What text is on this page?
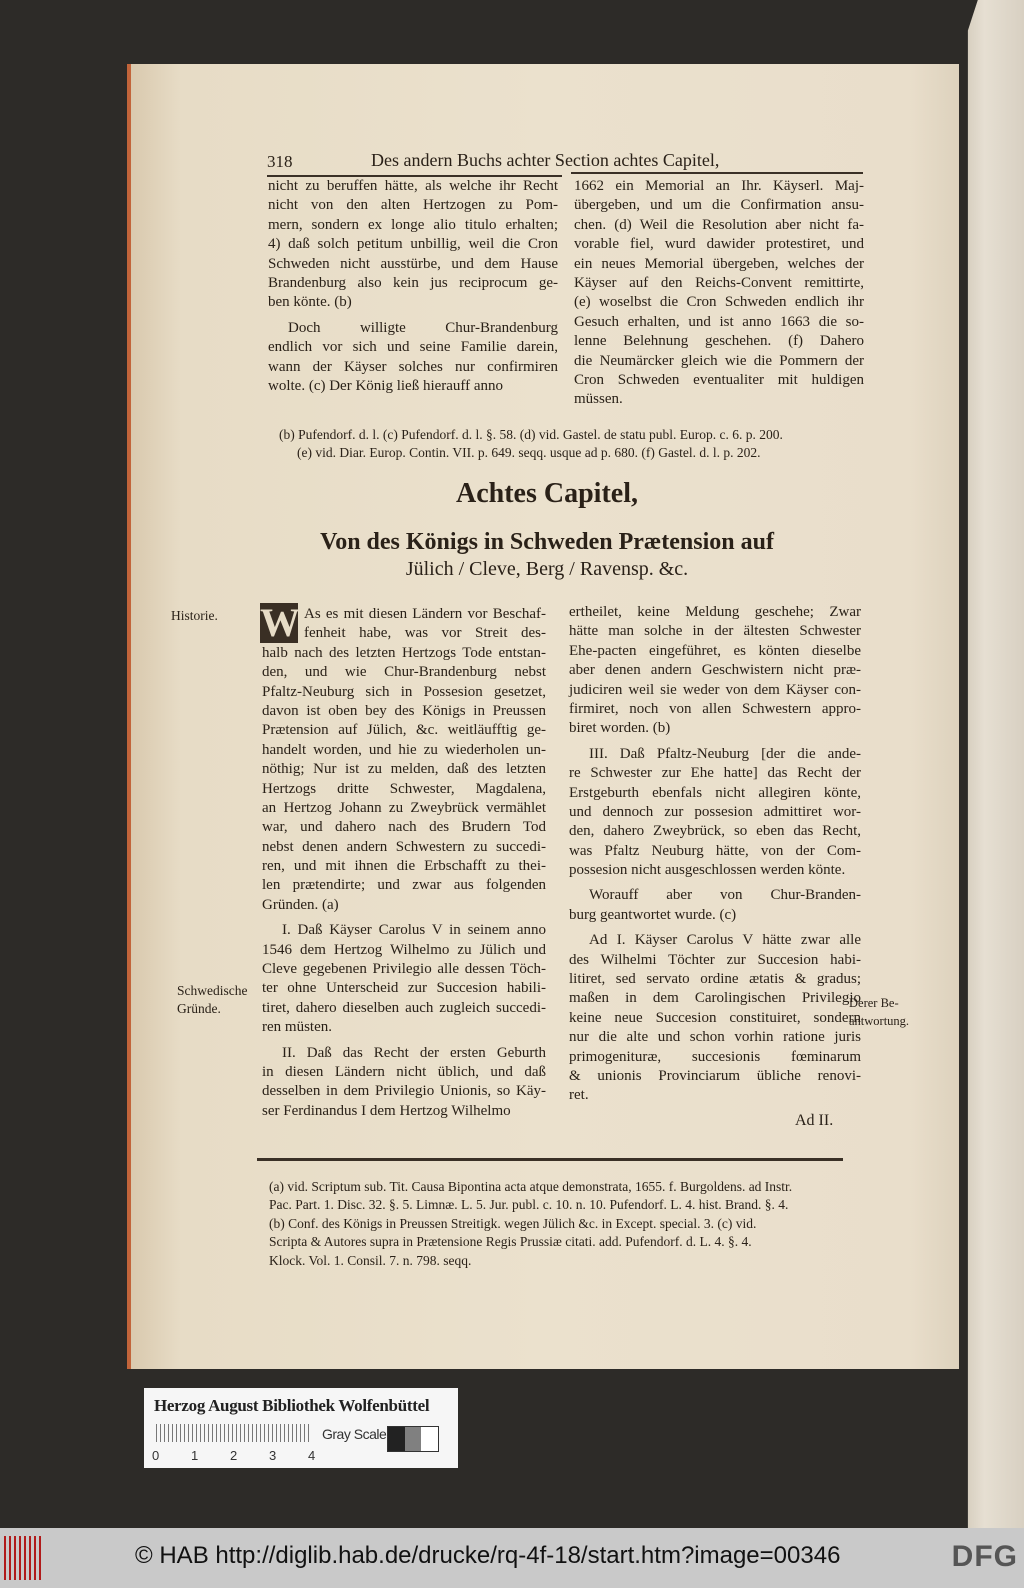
318	Des andern Buchs achter Section achtes Capitel,
nicht zu beruffen hätte, als welche ihr Recht
nicht von den alten Hertzogen zu Pom-
mern, sondern ex longe alio titulo erhalten;
4) daß solch petitum unbillig, weil die Cron
Schweden nicht ausstürbe, und dem Hause
Brandenburg also kein jus reciprocum ge-
ben könte. (b)
Doch willigte Chur-Brandenburg
endlich vor sich und seine Familie darein,
wann der Käyser solches nur confirmiren
wolte. (c) Der König ließ hierauff anno
1662 ein Memorial an Ihr. Käyserl. Maj-
übergeben, und um die Confirmation ansu-
chen. (d) Weil die Resolution aber nicht fa-
vorable fiel, wurd dawider protestiret, und
ein neues Memorial übergeben, welches der
Käyser auf den Reichs-Convent remittirte,
(e) woselbst die Cron Schweden endlich ihr
Gesuch erhalten, und ist anno 1663 die so-
lenne Belehnung geschehen. (f) Dahero
die Neumärcker gleich wie die Pommern der
Cron Schweden eventualiter mit huldigen
müssen.
(b) Pufendorf. d. l. (c) Pufendorf. d. l. §. 58. (d) vid. Gastel. de statu publ. Europ. c. 6. p. 200.
(e) vid. Diar. Europ. Contin. VII. p. 649. seqq. usque ad p. 680. (f) Gastel. d. l. p. 202.
Achtes Capitel,
Von des Königs in Schweden Prætension auf
Jülich / Cleve, Berg / Ravensp. &c.
W As es mit diesen Ländern vor Beschaf-
fenheit habe, was vor Streit des-
halb nach des letzten Hertzogs Tode entstan-
den, und wie Chur-Brandenburg nebst
Pfaltz-Neuburg sich in Possesion gesetzet,
davon ist oben bey des Königs in Preussen
Prætension auf Jülich, &c. weitläufftig ge-
handelt worden, und hie zu wiederholen un-
nöthig; Nur ist zu melden, daß des letzten
Hertzogs dritte Schwester, Magdalena,
an Hertzog Johann zu Zweybrück vermählet
war, und dahero nach des Brudern Tod
nebst denen andern Schwestern zu succedi-
ren, und mit ihnen die Erbschafft zu thei-
len prætendirte; und zwar aus folgenden
Gründen. (a)
I. Daß Käyser Carolus V in seinem anno
1546 dem Hertzog Wilhelmo zu Jülich und
Cleve gegebenen Privilegio alle dessen Töch-
ter ohne Unterscheid zur Succesion habili-
tiret, dahero dieselben auch zugleich succedi-
ren müsten.
II. Daß das Recht der ersten Geburth
in diesen Ländern nicht üblich, und daß
desselben in dem Privilegio Unionis, so Käy-
ser Ferdinandus I dem Hertzog Wilhelmo
ertheilet, keine Meldung geschehe; Zwar
hätte man solche in der ältesten Schwester
Ehe-pacten eingeführet, es könten dieselbe
aber denen andern Geschwistern nicht præ-
judiciren weil sie weder von dem Käyser con-
firmiret, noch von allen Schwestern appro-
biret worden. (b)
III. Daß Pfaltz-Neuburg [der die ande-
re Schwester zur Ehe hatte] das Recht der
Erstgeburth ebenfals nicht allegiren könte,
und dennoch zur possesion admittiret wor-
den, dahero Zweybrück, so eben das Recht,
was Pfaltz Neuburg hätte, von der Com-
possesion nicht ausgeschlossen werden könte.
Worauff aber von Chur-Branden-
burg geantwortet wurde. (c)
Ad I. Käyser Carolus V hätte zwar alle
des Wilhelmi Töchter zur Succesion habi-
litiret, sed servato ordine ætatis & gradus;
maßen in dem Carolingischen Privilegio
keine neue Succesion constituiret, sondern
nur die alte und schon vorhin ratione juris
primogenituræ, succesionis fœminarum
& unionis Provinciarum übliche renovi-
ret.
Historie.
Schwedische
Gründe.	Derer Be-
antwortung.
Ad II.
(a) vid. Scriptum sub. Tit. Causa Bipontina acta atque demonstrata, 1655. f. Burgoldens. ad Instr.
Pac. Part. 1. Disc. 32. §. 5. Limnæ. L. 5. Jur. publ. c. 10. n. 10. Pufendorf. L. 4. hist. Brand. §. 4.
(b) Conf. des Königs in Preussen Streitigk. wegen Jülich &c. in Except. special. 3. (c) vid.
Scripta & Autores supra in Prætensione Regis Prussiæ citati. add. Pufendorf. d. L. 4. §. 4.
Klock. Vol. 1. Consil. 7. n. 798. seqq.
Herzog August Bibliothek Wolfenbüttel
0 1 2 3 4
Gray Scale
© HAB http://diglib.hab.de/drucke/rq-4f-18/start.htm?image=00346	DFG
